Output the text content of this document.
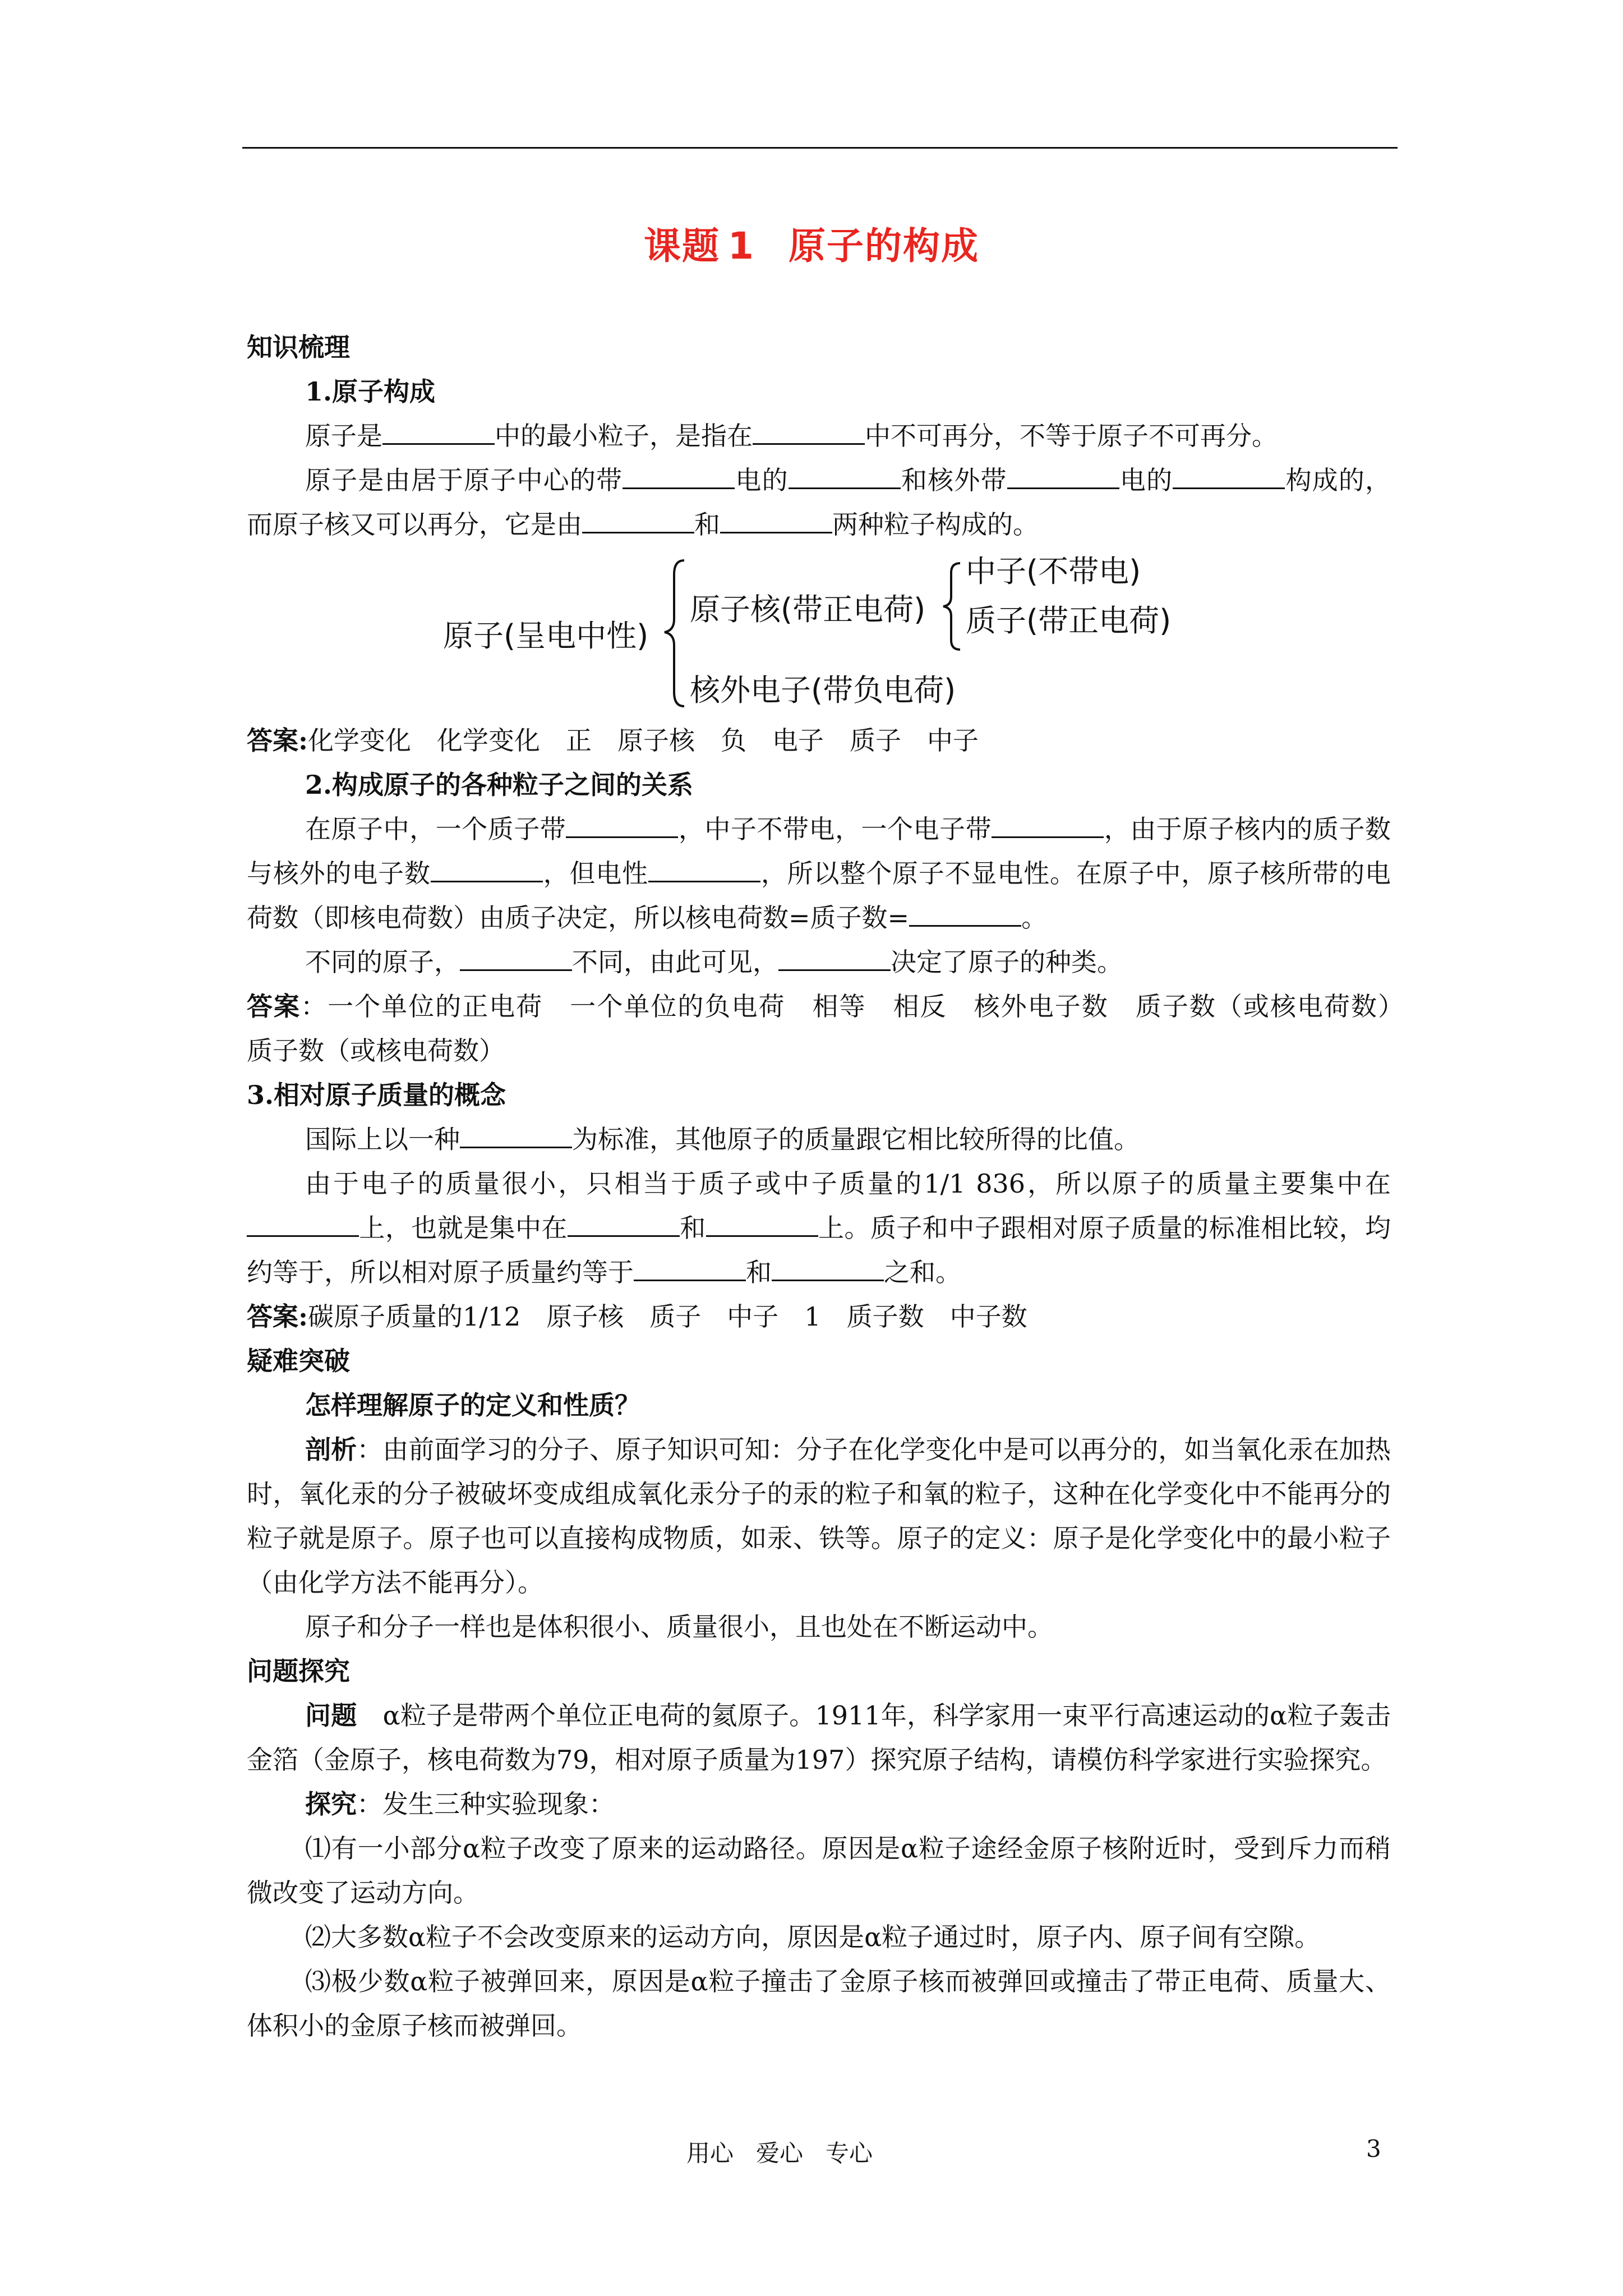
课题 1 原子的构成

知识梳理

1.原子构成

原子是	中的最小粒子，是指在	中不可再分，不等于原子不可再分。

原子是由居于原子中心的带	电的	和核外带	电的	构成的，而原子核又可以再分，它是由	和	两种粒子构成的。

原子(呈电中性)
原子核(带正电荷)
中子(不带电)
质子(带正电荷)
核外电子(带负电荷)

答案:化学变化 化学变化 正 原子核 负 电子 质子 中子

2.构成原子的各种粒子之间的关系

在原子中，一个质子带	，中子不带电，一个电子带	，由于原子核内的质子数与核外的电子数	，但电性	，所以整个原子不显电性。在原子中，原子核所带的电荷数（即核电荷数）由质子决定，所以核电荷数=质子数=	。

不同的原子，	不同，由此可见，	决定了原子的种类。

答案：一个单位的正电荷　一个单位的负电荷　相等　相反　核外电子数　质子数（或核电荷数）　质子数（或核电荷数）

3.相对原子质量的概念

国际上以一种	为标准，其他原子的质量跟它相比较所得的比值。

由于电子的质量很小，只相当于质子或中子质量的1/1 836，所以原子的质量主要集中在上，也就是集中在	和	上。质子和中子跟相对原子质量的标准相比较，均约等于，所以相对原子质量约等于	和	之和。

答案:碳原子质量的1/12 原子核 质子 中子 1 质子数 中子数

疑难突破

怎样理解原子的定义和性质？

剖析：由前面学习的分子、原子知识可知：分子在化学变化中是可以再分的，如当氧化汞在加热时，氧化汞的分子被破坏变成组成氧化汞分子的汞的粒子和氧的粒子，这种在化学变化中不能再分的粒子就是原子。原子也可以直接构成物质，如汞、铁等。原子的定义：原子是化学变化中的最小粒子（由化学方法不能再分）。

原子和分子一样也是体积很小、质量很小，且也处在不断运动中。

问题探究

问题　α粒子是带两个单位正电荷的氦原子。1911年，科学家用一束平行高速运动的α粒子轰击金箔（金原子，核电荷数为79，相对原子质量为197）探究原子结构，请模仿科学家进行实验探究。

探究：发生三种实验现象：

⑴有一小部分α粒子改变了原来的运动路径。原因是α粒子途经金原子核附近时，受到斥力而稍微改变了运动方向。

⑵大多数α粒子不会改变原来的运动方向，原因是α粒子通过时，原子内、原子间有空隙。

⑶极少数α粒子被弹回来，原因是α粒子撞击了金原子核而被弹回或撞击了带正电荷、质量大、体积小的金原子核而被弹回。

用心 爱心 专心	3
